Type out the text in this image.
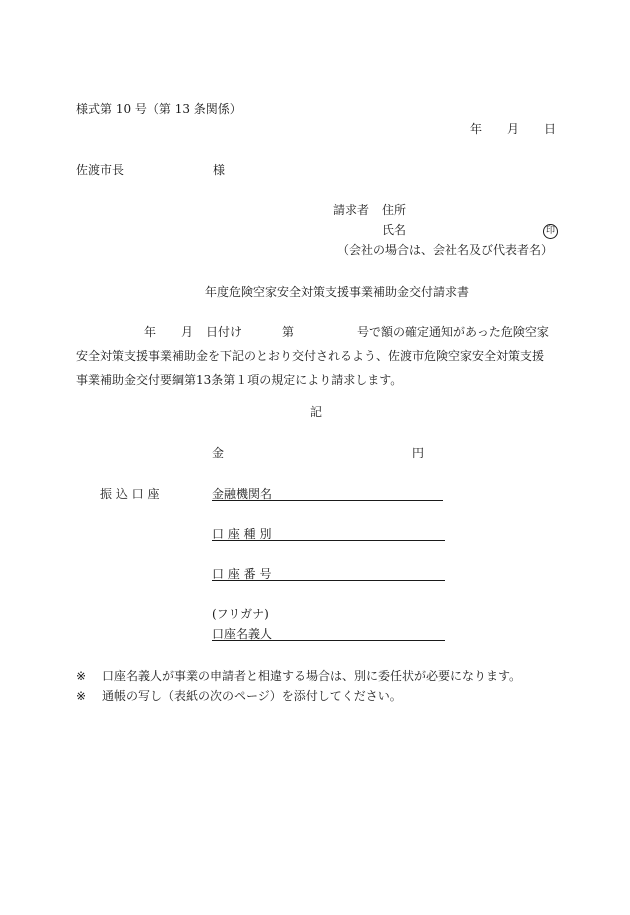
様式第 10 号（第 13 条関係）
年 月 日
佐渡市長	様
請求者 住所
氏名	印
（会社の場合は、会社名及び代表者名）
年度危険空家安全対策支援事業補助金交付請求書
年 月 日付け	第	号で額の確定通知があった危険空家
安全対策支援事業補助金を下記のとおり交付されるよう、佐渡市危険空家安全対策支援
事業補助金交付要綱第13条第１項の規定により請求します。
記
金	円
振 込 口 座	金融機関名
口 座 種 別
口 座 番 号
(フリガナ)
口座名義人
※ 口座名義人が事業の申請者と相違する場合は、別に委任状が必要になります。
※ 通帳の写し（表紙の次のページ）を添付してください。
